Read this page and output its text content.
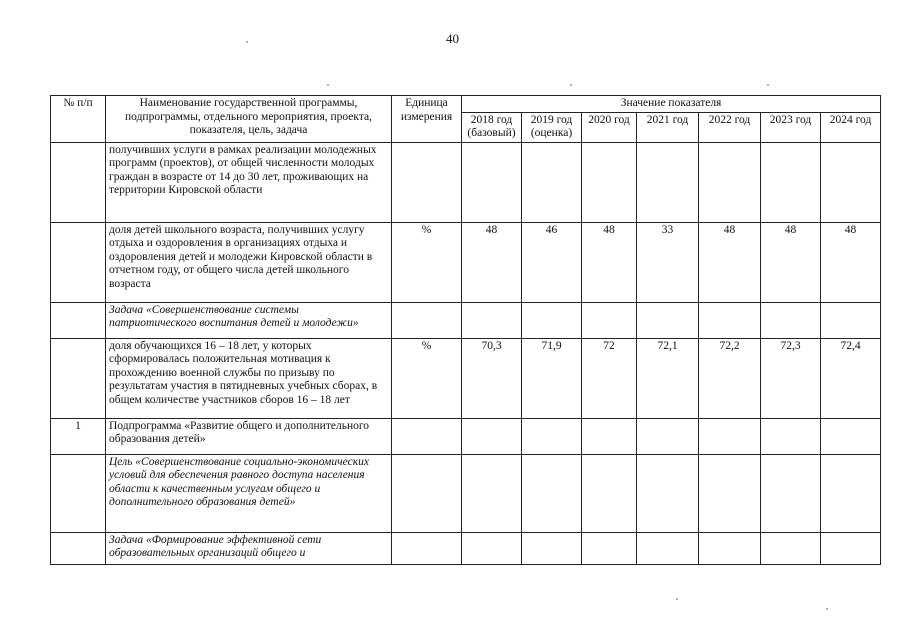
40
№ п/п	Наименование государственной программы, подпрограммы, отдельного мероприятия, проекта, показателя, цель, задача	Единица измерения	Значение показателя						
			2018 год (базовый)	2019 год (оценка)	2020 год	2021 год	2022 год	2023 год	2024 год
	получивших услуги в рамках реализации молодежных программ (проектов), от общей численности молодых граждан в возрасте от 14 до 30 лет, проживающих на территории Кировской области								
	доля детей школьного возраста, получивших услугу отдыха и оздоровления в организациях отдыха и оздоровления детей и молодежи Кировской области в отчетном году, от общего числа детей школьного возраста	%	48	46	48	33	48	48	48
	Задача «Совершенствование системы патриотического воспитания детей и молодежи»								
	доля обучающихся 16 – 18 лет, у которых сформировалась положительная мотивация к прохождению военной службы по призыву по результатам участия в пятидневных учебных сборах, в общем количестве участников сборов 16 – 18 лет	%	70,3	71,9	72	72,1	72,2	72,3	72,4
1	Подпрограмма «Развитие общего и дополнительного образования детей»								
	Цель «Совершенствование социально-экономических условий для обеспечения равного доступа населения области к качественным услугам общего и дополнительного образования детей»								
	Задача «Формирование эффективной сети образовательных организаций общего и								
